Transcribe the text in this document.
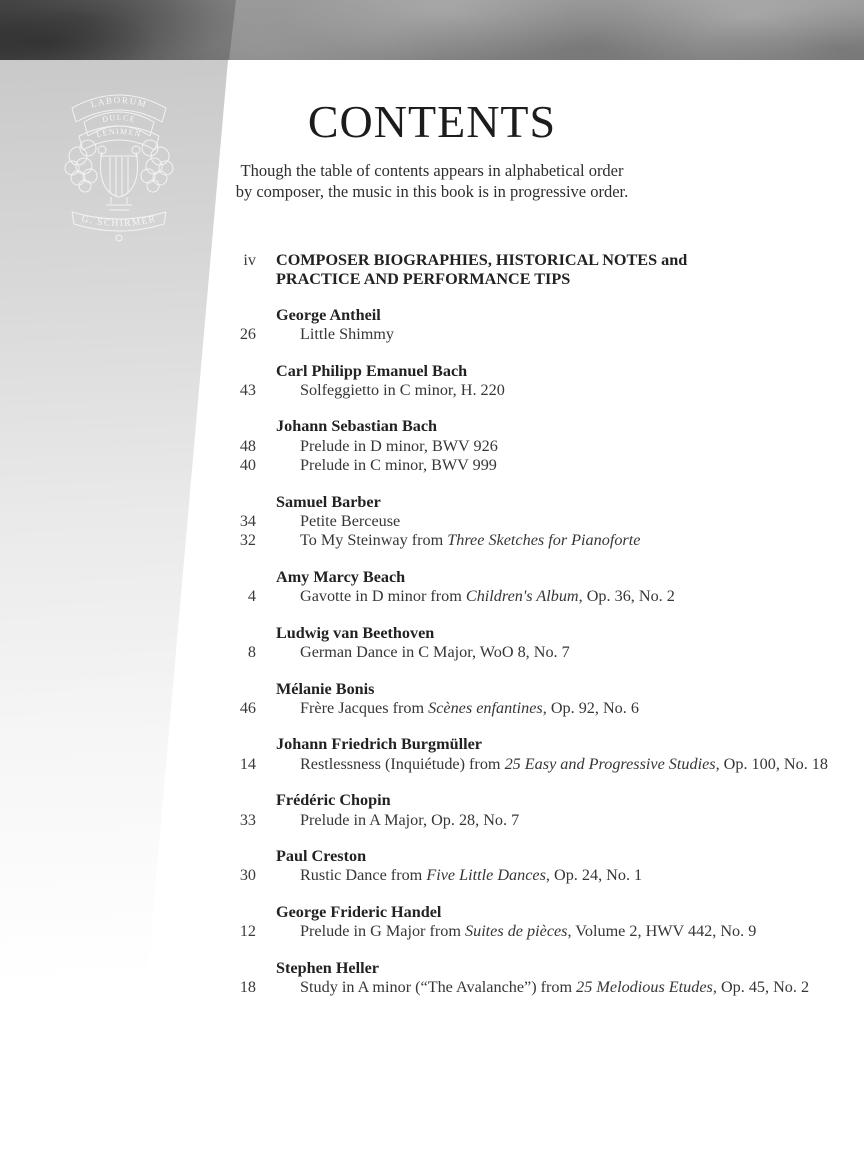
LABORUM
DULCE
LENIMEN
G. SCHIRMER
CONTENTS

Though the table of contents appears in alphabetical order
by composer, the music in this book is in progressive order.

iv COMPOSER BIOGRAPHIES, HISTORICAL NOTES and
PRACTICE AND PERFORMANCE TIPS
George Antheil
26	Little Shimmy
Carl Philipp Emanuel Bach
43	Solfeggietto in C minor, H. 220
Johann Sebastian Bach
48	Prelude in D minor, BWV 926
40	Prelude in C minor, BWV 999
Samuel Barber
34	Petite Berceuse
32	To My Steinway from Three Sketches for Pianoforte
Amy Marcy Beach
4	Gavotte in D minor from Children's Album, Op. 36, No. 2
Ludwig van Beethoven
8	German Dance in C Major, WoO 8, No. 7
Mélanie Bonis
46	Frère Jacques from Scènes enfantines, Op. 92, No. 6
Johann Friedrich Burgmüller
14	Restlessness (Inquiétude) from 25 Easy and Progressive Studies, Op. 100, No. 18
Frédéric Chopin
33	Prelude in A Major, Op. 28, No. 7
Paul Creston
30	Rustic Dance from Five Little Dances, Op. 24, No. 1
George Frideric Handel
12	Prelude in G Major from Suites de pièces, Volume 2, HWV 442, No. 9
Stephen Heller
18	Study in A minor (“The Avalanche”) from 25 Melodious Etudes, Op. 45, No. 2
